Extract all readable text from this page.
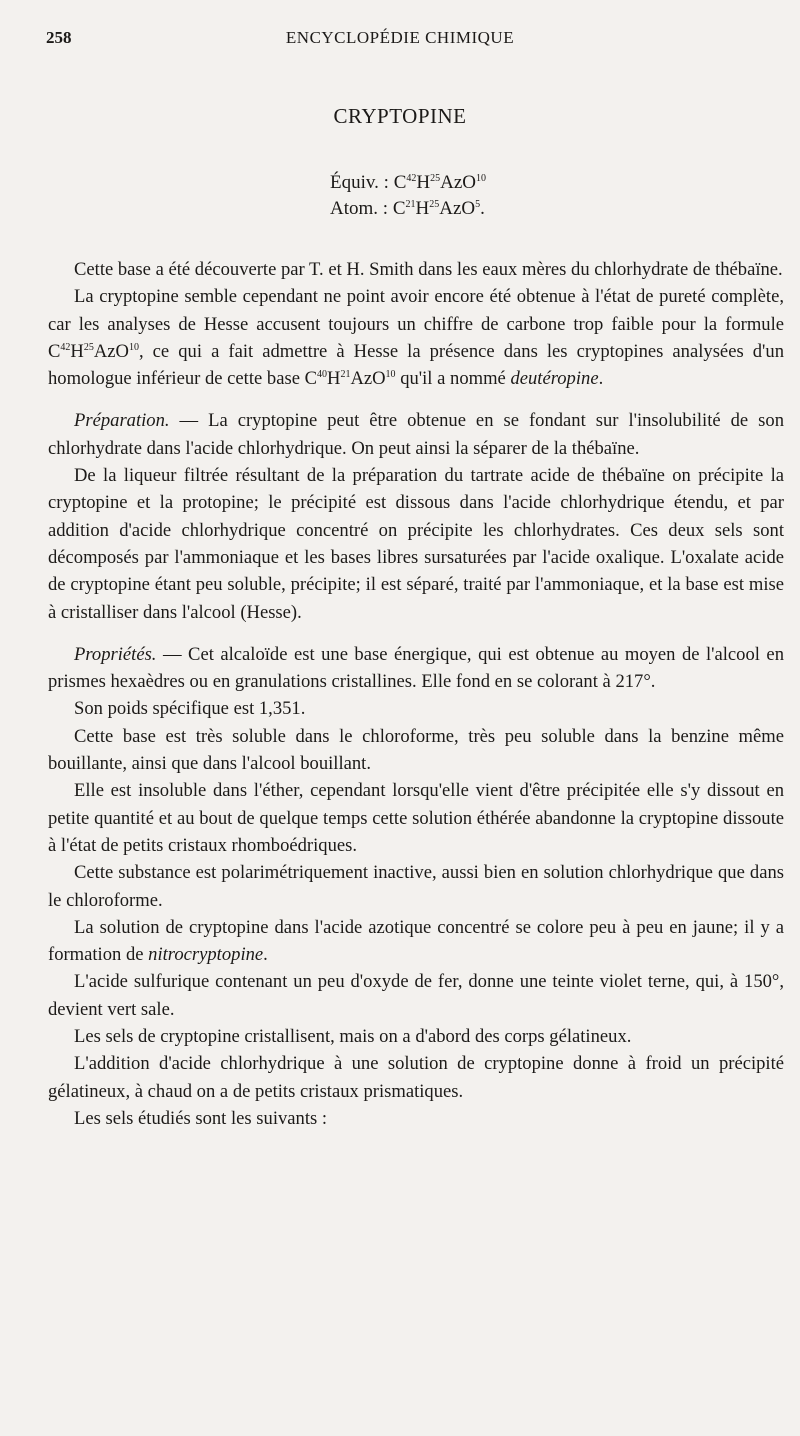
258	ENCYCLOPÉDIE CHIMIQUE
CRYPTOPINE
Équiv. : $C^{42}H^{25}AzO^{10}$
Atom. : $C^{21}H^{25}AzO^5$.

Cette base a été découverte par T. et H. Smith dans les eaux mères du chlorhydrate de thébaïne.

La cryptopine semble cependant ne point avoir encore été obtenue à l'état de pureté complète, car les analyses de Hesse accusent toujours un chiffre de carbone trop faible pour la formule $C^{42}H^{25}AzO^{10}$, ce qui a fait admettre à Hesse la présence dans les cryptopines analysées d'un homologue inférieur de cette base $C^{40}H^{21}AzO^{10}$ qu'il a nommé deutéropine.

Préparation. — La cryptopine peut être obtenue en se fondant sur l'insolubilité de son chlorhydrate dans l'acide chlorhydrique. On peut ainsi la séparer de la thébaïne.

De la liqueur filtrée résultant de la préparation du tartrate acide de thébaïne on précipite la cryptopine et la protopine; le précipité est dissous dans l'acide chlorhydrique étendu, et par addition d'acide chlorhydrique concentré on précipite les chlorhydrates. Ces deux sels sont décomposés par l'ammoniaque et les bases libres sursaturées par l'acide oxalique. L'oxalate acide de cryptopine étant peu soluble, précipite; il est séparé, traité par l'ammoniaque, et la base est mise à cristalliser dans l'alcool (Hesse).

Propriétés. — Cet alcaloïde est une base énergique, qui est obtenue au moyen de l'alcool en prismes hexaèdres ou en granulations cristallines. Elle fond en se colorant à 217°.

Son poids spécifique est 1,351.

Cette base est très soluble dans le chloroforme, très peu soluble dans la benzine même bouillante, ainsi que dans l'alcool bouillant.

Elle est insoluble dans l'éther, cependant lorsqu'elle vient d'être précipitée elle s'y dissout en petite quantité et au bout de quelque temps cette solution éthérée abandonne la cryptopine dissoute à l'état de petits cristaux rhomboédriques.

Cette substance est polarimétriquement inactive, aussi bien en solution chlorhydrique que dans le chloroforme.

La solution de cryptopine dans l'acide azotique concentré se colore peu à peu en jaune; il y a formation de nitrocryptopine.

L'acide sulfurique contenant un peu d'oxyde de fer, donne une teinte violet terne, qui, à 150°, devient vert sale.

Les sels de cryptopine cristallisent, mais on a d'abord des corps gélatineux.

L'addition d'acide chlorhydrique à une solution de cryptopine donne à froid un précipité gélatineux, à chaud on a de petits cristaux prismatiques.

Les sels étudiés sont les suivants :
